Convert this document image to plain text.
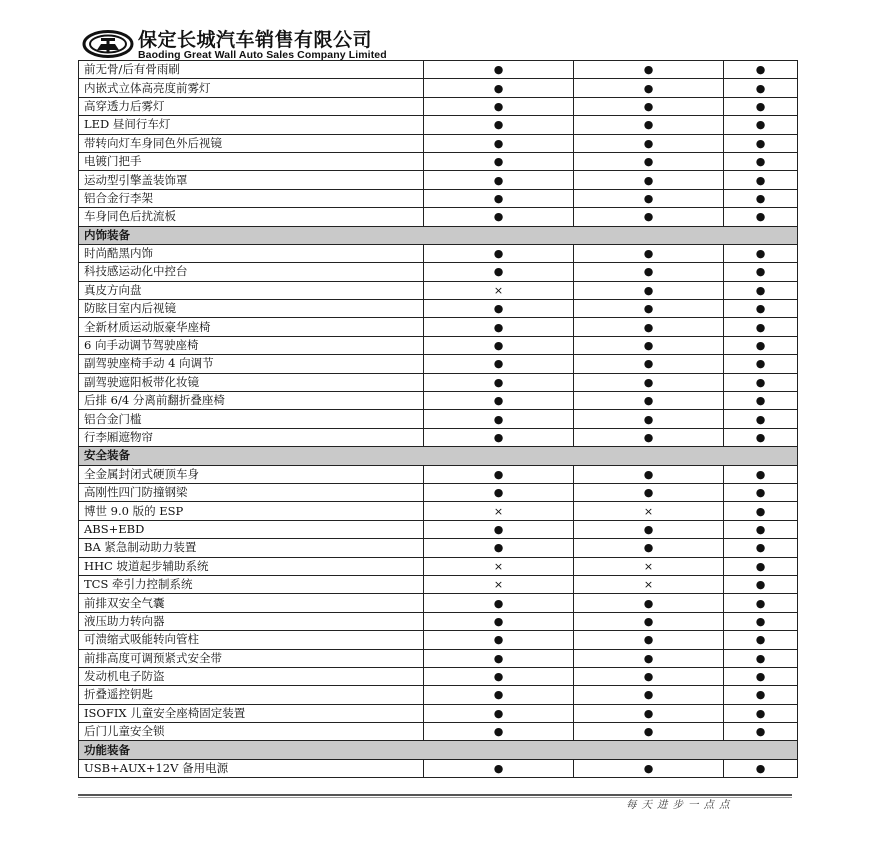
保定长城汽车销售有限公司
Baoding Great Wall Auto Sales Company Limited
前无骨/后有骨雨刷	●	●	●
内嵌式立体高亮度前雾灯	●	●	●
高穿透力后雾灯	●	●	●
LED 昼间行车灯	●	●	●
带转向灯车身同色外后视镜	●	●	●
电镀门把手	●	●	●
运动型引擎盖装饰罩	●	●	●
铝合金行李架	●	●	●
车身同色后扰流板	●	●	●
内饰装备			
时尚酷黑内饰	●	●	●
科技感运动化中控台	●	●	●
真皮方向盘	×	●	●
防眩目室内后视镜	●	●	●
全新材质运动版豪华座椅	●	●	●
6 向手动调节驾驶座椅	●	●	●
副驾驶座椅手动 4 向调节	●	●	●
副驾驶遮阳板带化妆镜	●	●	●
后排 6/4 分离前翻折叠座椅	●	●	●
铝合金门槛	●	●	●
行李厢遮物帘	●	●	●
安全装备			
全金属封闭式硬顶车身	●	●	●
高刚性四门防撞钢梁	●	●	●
博世 9.0 版的 ESP	×	×	●
ABS+EBD	●	●	●
BA 紧急制动助力装置	●	●	●
HHC 坡道起步辅助系统	×	×	●
TCS 牵引力控制系统	×	×	●
前排双安全气囊	●	●	●
液压助力转向器	●	●	●
可溃缩式吸能转向管柱	●	●	●
前排高度可调预紧式安全带	●	●	●
发动机电子防盗	●	●	●
折叠遥控钥匙	●	●	●
ISOFIX 儿童安全座椅固定装置	●	●	●
后门儿童安全锁	●	●	●
功能装备			
USB+AUX+12V 备用电源	●	●	●
每天进步一点点
